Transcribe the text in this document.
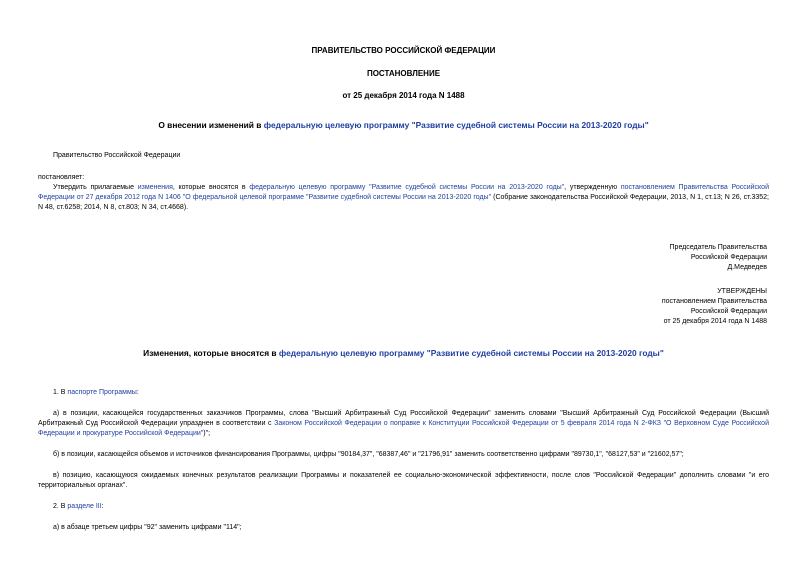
ПРАВИТЕЛЬСТВО РОССИЙСКОЙ ФЕДЕРАЦИИ
ПОСТАНОВЛЕНИЕ
от 25 декабря 2014 года N 1488
О внесении изменений в федеральную целевую программу "Развитие судебной системы России на 2013-2020 годы"
Правительство Российской Федерации
постановляет:
Утвердить прилагаемые изменения, которые вносятся в федеральную целевую программу "Развитие судебной системы России на 2013-2020 годы", утвержденную постановлением Правительства Российской Федерации от 27 декабря 2012 года N 1406 "О федеральной целевой программе "Развитие судебной системы России на 2013-2020 годы" (Собрание законодательства Российской Федерации, 2013, N 1, ст.13; N 26, ст.3352; N 48, ст.6258; 2014, N 8, ст.803; N 34, ст.4668).
Председатель Правительства
Российской Федерации
Д.Медведев
УТВЕРЖДЕНЫ
постановлением Правительства
Российской Федерации
от 25 декабря 2014 года N 1488
Изменения, которые вносятся в федеральную целевую программу "Развитие судебной системы России на 2013-2020 годы"
1. В паспорте Программы:
а) в позиции, касающейся государственных заказчиков Программы, слова "Высший Арбитражный Суд Российской Федерации" заменить словами "Высший Арбитражный Суд Российской Федерации (Высший Арбитражный Суд Российской Федерации упразднен в соответствии с Законом Российской Федерации о поправке к Конституции Российской Федерации от 5 февраля 2014 года N 2-ФКЗ "О Верховном Суде Российской Федерации и прокуратуре Российской Федерации")";
б) в позиции, касающейся объемов и источников финансирования Программы, цифры "90184,37", "68387,46" и "21796,91" заменить соответственно цифрами "89730,1", "68127,53" и "21602,57";
в) позицию, касающуюся ожидаемых конечных результатов реализации Программы и показателей ее социально-экономической эффективности, после слов "Российской Федерации" дополнить словами "и его территориальных органах".
2. В разделе III:
а) в абзаце третьем цифры "92" заменить цифрами "114";
